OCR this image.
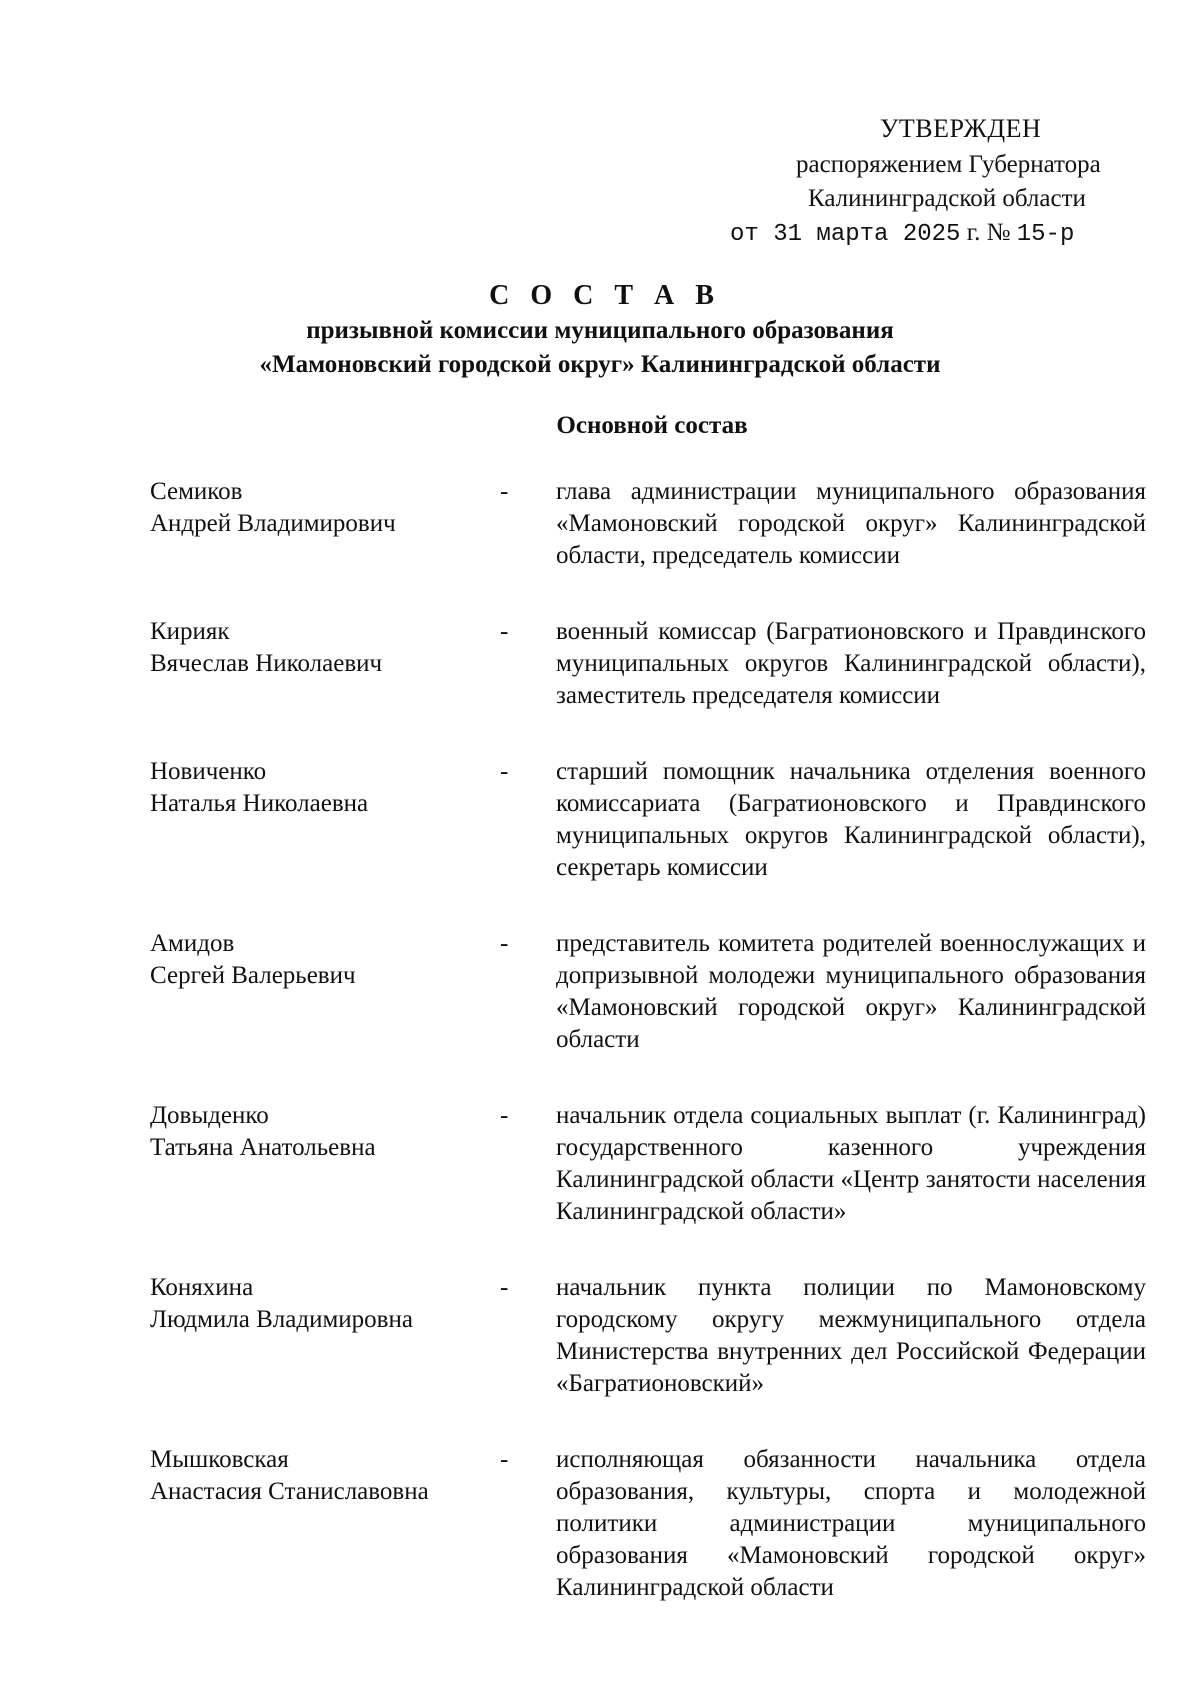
УТВЕРЖДЕН
распоряжением Губернатора
Калининградской области
от 31 марта 2025 г. № 15-р
С О С Т А В
призывной комиссии муниципального образования
«Мамоновский городской округ» Калининградской области
Основной состав
Семиков
Андрей Владимирович
-	глава администрации муниципального образования «Мамоновский городской округ» Калининградской области, председатель комиссии
Кирияк
Вячеслав Николаевич
-	военный комиссар (Багратионовского и Правдинского муниципальных округов Калининградской области), заместитель председателя комиссии
Новиченко
Наталья Николаевна
-	старший помощник начальника отделения военного комиссариата (Багратионовского и Правдинского муниципальных округов Калининградской области), секретарь комиссии
Амидов
Сергей Валерьевич
-	представитель комитета родителей военнослужащих и допризывной молодежи муниципального образования «Мамоновский городской округ» Калининградской области
Довыденко
Татьяна Анатольевна
-	начальник отдела социальных выплат (г. Калининград) государственного казенного учреждения Калининградской области «Центр занятости населения Калининградской области»
Коняхина
Людмила Владимировна
-	начальник пункта полиции по Мамоновскому городскому округу межмуниципального отдела Министерства внутренних дел Российской Федерации «Багратионовский»
Мышковская
Анастасия Станиславовна
-	исполняющая обязанности начальника отдела образования, культуры, спорта и молодежной политики администрации муниципального образования «Мамоновский городской округ» Калининградской области
